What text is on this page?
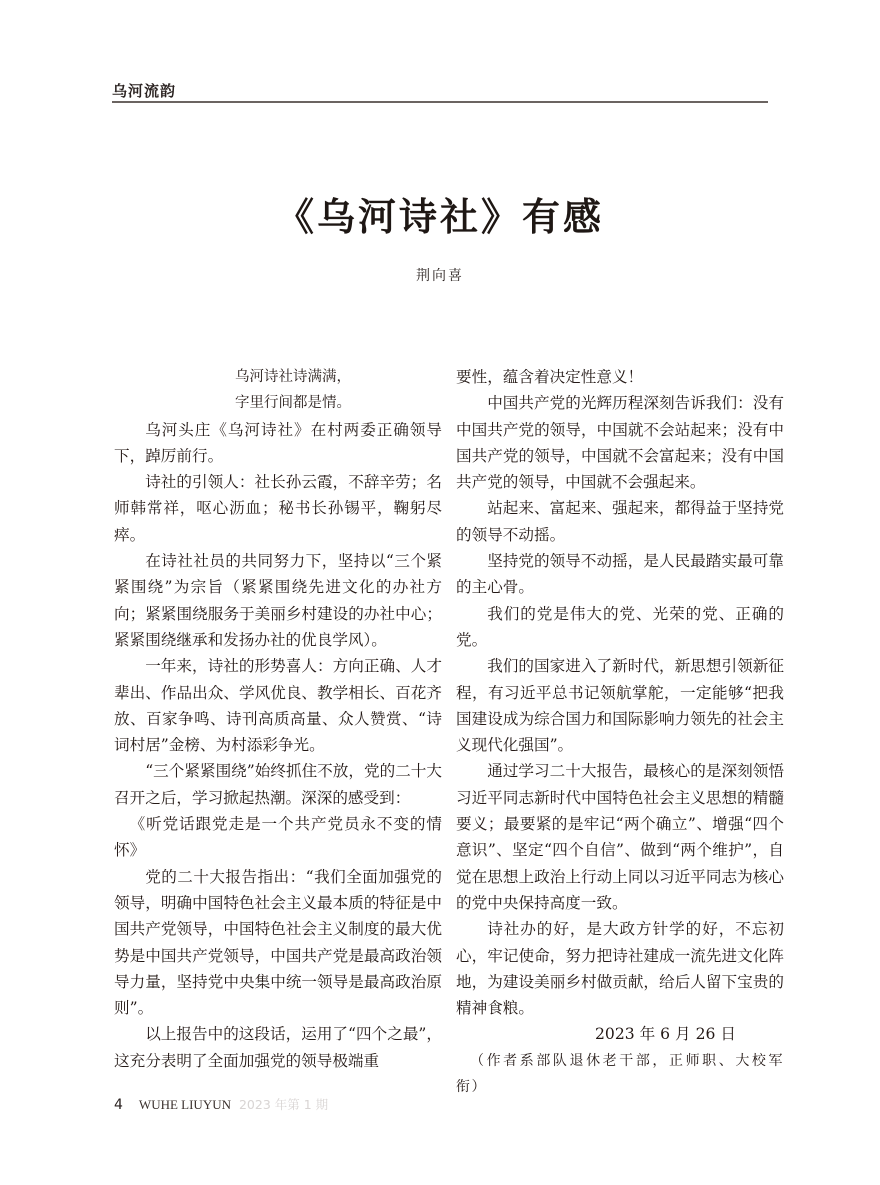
乌河流韵
《乌河诗社》有感
荆向喜

乌河诗社诗满满，

字里行间都是情。

乌河头庄《乌河诗社》在村两委正确领导下，踔厉前行。

诗社的引领人：社长孙云霞，不辞辛劳；名师韩常祥，呕心沥血；秘书长孙锡平，鞠躬尽瘁。

在诗社社员的共同努力下，坚持以“三个紧紧围绕”为宗旨（紧紧围绕先进文化的办社方向；紧紧围绕服务于美丽乡村建设的办社中心；紧紧围绕继承和发扬办社的优良学风）。

一年来，诗社的形势喜人：方向正确、人才辈出、作品出众、学风优良、教学相长、百花齐放、百家争鸣、诗刊高质高量、众人赞赏、“诗词村居”金榜、为村添彩争光。

“三个紧紧围绕”始终抓住不放，党的二十大召开之后，学习掀起热潮。深深的感受到：

《听党话跟党走是一个共产党员永不变的情怀》

党的二十大报告指出：“我们全面加强党的领导，明确中国特色社会主义最本质的特征是中国共产党领导，中国特色社会主义制度的最大优势是中国共产党领导，中国共产党是最高政治领导力量，坚持党中央集中统一领导是最高政治原则”。

以上报告中的这段话，运用了“四个之最”，这充分表明了全面加强党的领导极端重

要性，蕴含着决定性意义！

中国共产党的光辉历程深刻告诉我们：没有中国共产党的领导，中国就不会站起来；没有中国共产党的领导，中国就不会富起来；没有中国共产党的领导，中国就不会强起来。

站起来、富起来、强起来，都得益于坚持党的领导不动摇。

坚持党的领导不动摇，是人民最踏实最可靠的主心骨。

我们的党是伟大的党、光荣的党、正确的党。

我们的国家进入了新时代，新思想引领新征程，有习近平总书记领航掌舵，一定能够“把我国建设成为综合国力和国际影响力领先的社会主义现代化强国”。

通过学习二十大报告，最核心的是深刻领悟习近平同志新时代中国特色社会主义思想的精髓要义；最要紧的是牢记“两个确立”、增强“四个意识”、坚定“四个自信”、做到“两个维护”，自觉在思想上政治上行动上同以习近平同志为核心的党中央保持高度一致。

诗社办的好，是大政方针学的好，不忘初心，牢记使命，努力把诗社建成一流先进文化阵地，为建设美丽乡村做贡献，给后人留下宝贵的精神食粮。

2023 年 6 月 26 日

（作者系部队退休老干部，正师职、大校军衔）

4 WUHE LIUYUN 2023 年第 1 期
